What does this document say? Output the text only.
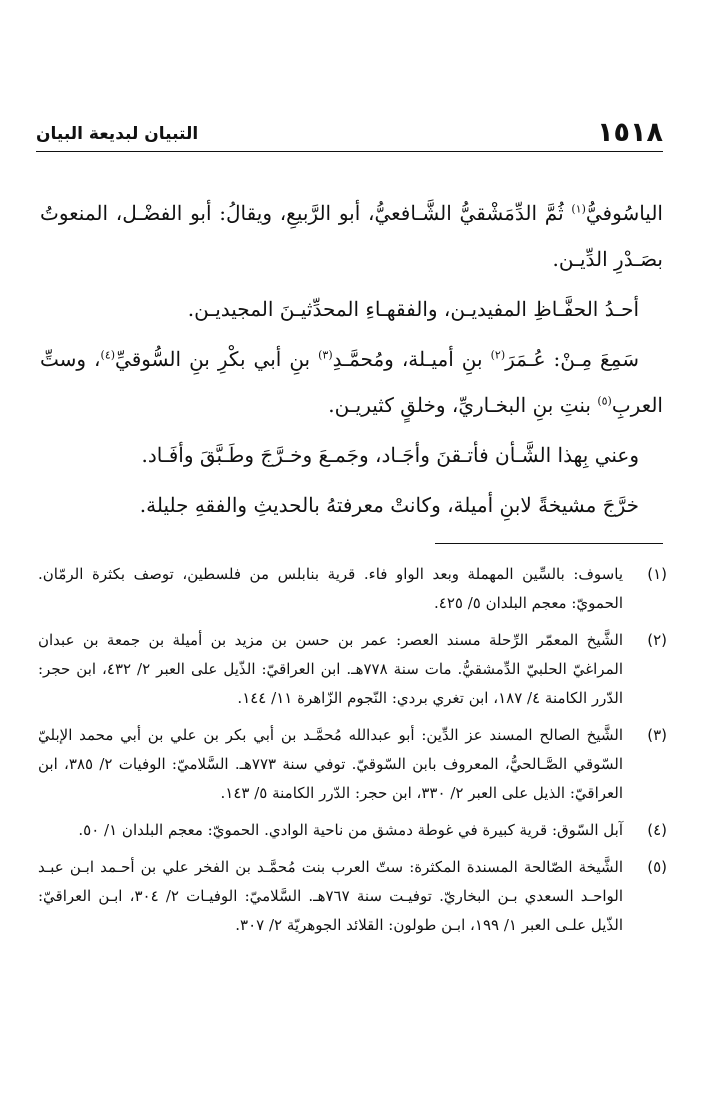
التبيان لبديعة البيان	١٥١٨

الياسُوفيُّ$^{(١)}$ ثُمَّ الدِّمَشْقيُّ الشَّـافعيُّ، أبو الرَّبيعِ، ويقالُ: أبو الفضْـل، المنعوتُ بصَـدْرِ الدِّيـن.

أحـدُ الحفَّـاظِ المفيديـن، والفقهـاءِ المحدِّثيـنَ المجيديـن.

سَمِعَ مِـنْ: عُـمَرَ$^{(٢)}$ بنِ أميـلة، ومُحمَّـدِ$^{(٣)}$ بنِ أبي بكْرِ بنِ السُّوقيِّ$^{(٤)}$، وستِّ العربِ$^{(٥)}$ بنتِ بنِ البخـاريِّ، وخلقٍ كثيريـن.

وعني بِهذا الشَّـأن فأتـقنَ وأجَـاد، وجَمـعَ وخـرَّجَ وطَـبَّقَ وأفَـاد.

خرَّجَ مشيخةً لابنِ أميلة، وكانتْ معرفتهُ بالحديثِ والفقهِ جليلة.

(١)
ياسوف: بالسِّين المهملة وبعد الواو فاء. قرية بنابلس من فلسطين، توصف بكثرة الرمّان. الحمويّ: معجم البلدان ٥/ ٤٢٥.
(٢)
الشَّيخ المعمّر الرِّحلة مسند العصر: عمر بن حسن بن مزيد بن أميلة بن جمعة بن عبدان المراغيّ الحلبيّ الدِّمشقيُّ. مات سنة ٧٧٨هـ. ابن العراقيّ: الذّيل على العبر ٢/ ٤٣٢، ابن حجر: الدّرر الكامنة ٤/ ١٨٧، ابن تغري بردي: النّجوم الزّاهرة ١١/ ١٤٤.
(٣)
الشَّيخ الصالح المسند عز الدِّين: أبو عبدالله مُحمَّـد بن أبي بكر بن علي بن أبي محمد الإبليّ السّوقي الصَّـالحيُّ، المعروف بابن السّوقيّ. توفي سنة ٧٧٣هـ. السَّلاميّ: الوفيات ٢/ ٣٨٥، ابن العراقيّ: الذيل على العبر ٢/ ٣٣٠، ابن حجر: الدّرر الكامنة ٥/ ١٤٣.
(٤)
آبل السّوق: قرية كبيرة في غوطة دمشق من ناحية الوادي. الحمويّ: معجم البلدان ١/ ٥٠.
(٥)
الشَّيخة الصّالحة المسندة المكثرة: ستّ العرب بنت مُحمَّـد بن الفخر علي بن أحـمد ابـن عبـد الواحـد السعدي بـن البخاريّ. توفيـت سنة ٧٦٧هـ. السَّلاميّ: الوفيـات ٢/ ٣٠٤، ابـن العراقيّ: الذّيل علـى العبر ١/ ١٩٩، ابـن طولون: القلائد الجوهريّة ٢/ ٣٠٧.
